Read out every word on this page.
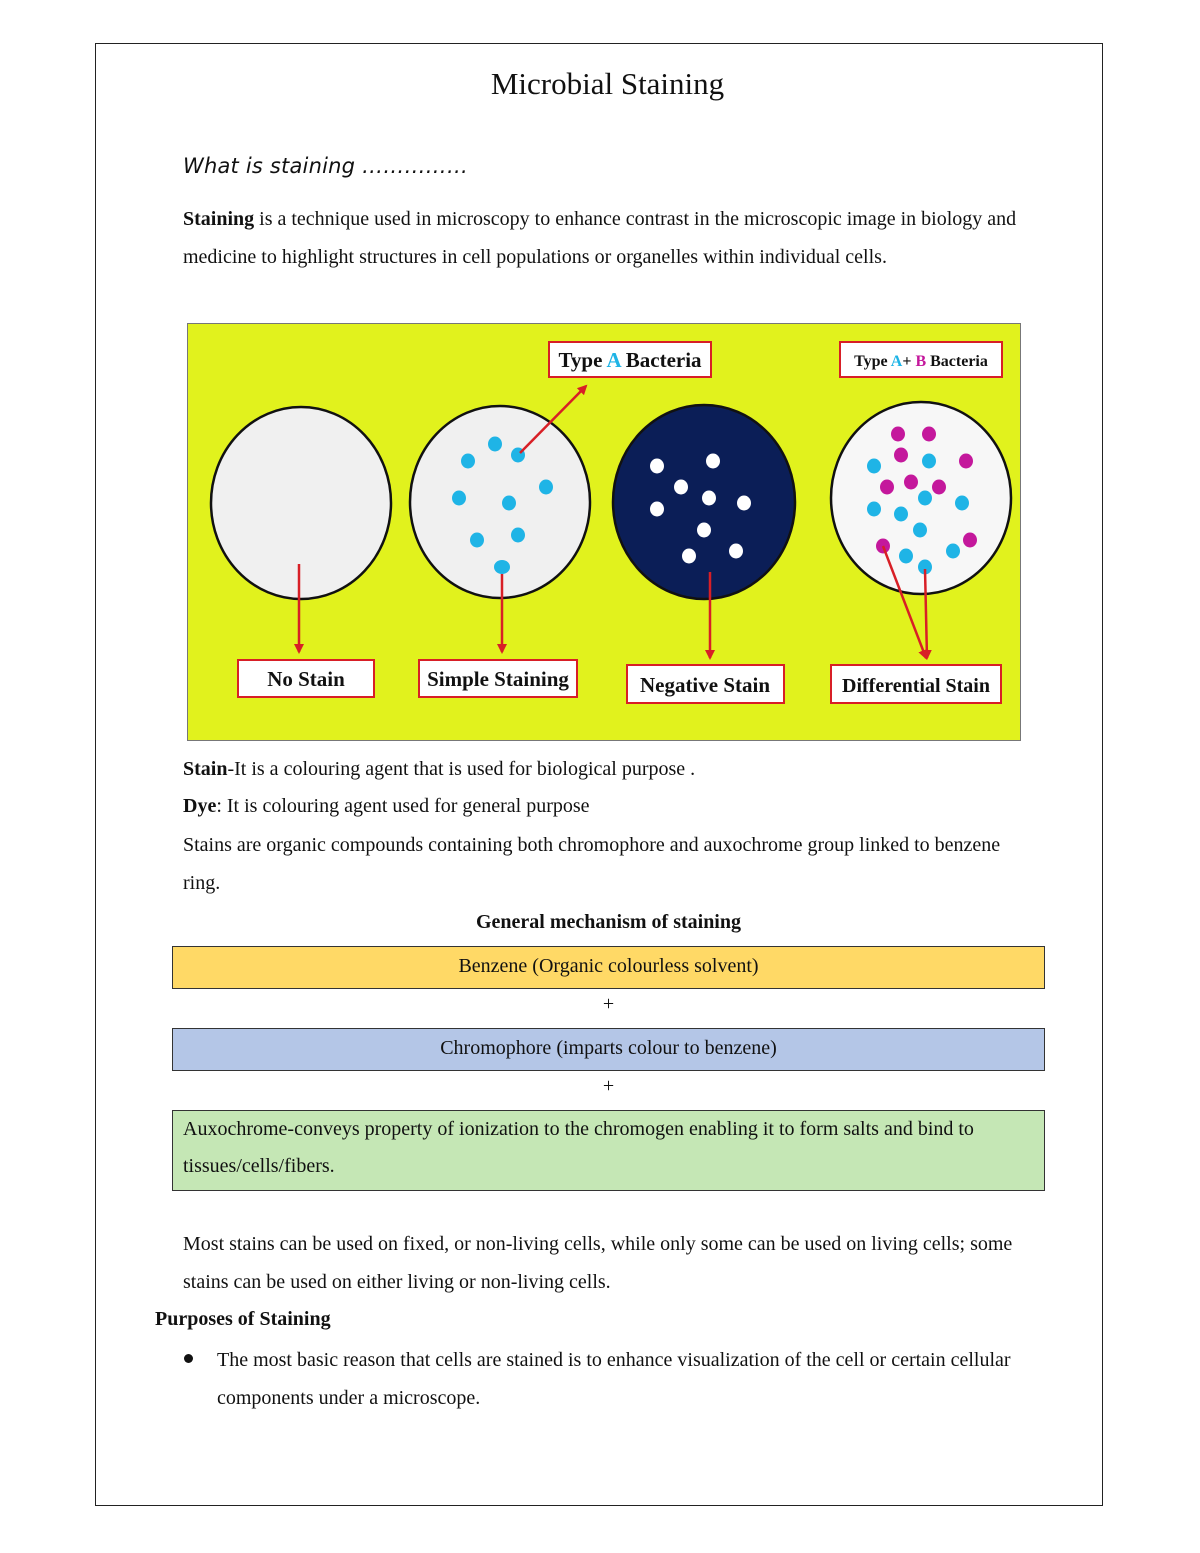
Microbial Staining
What is staining ……………
Staining is a technique used in microscopy to enhance contrast in the microscopic image in biology and medicine to highlight structures in cell populations or organelles within individual cells.
Type A Bacteria	Type A+ B Bacteria
No Stain	Simple Staining	Negative Stain	Differential Stain
Stain-It is a colouring agent that is used for biological purpose .
Dye: It is colouring agent used for general purpose
Stains are organic compounds containing both chromophore and auxochrome group linked to benzene ring.
General mechanism of staining
Benzene (Organic colourless solvent)
+
Chromophore (imparts colour to benzene)
+
Auxochrome-conveys property of ionization to the chromogen enabling it to form salts and bind to tissues/cells/fibers.
Most stains can be used on fixed, or non-living cells, while only some can be used on living cells; some stains can be used on either living or non-living cells.
Purposes of Staining
The most basic reason that cells are stained is to enhance visualization of the cell or certain cellular components under a microscope.
